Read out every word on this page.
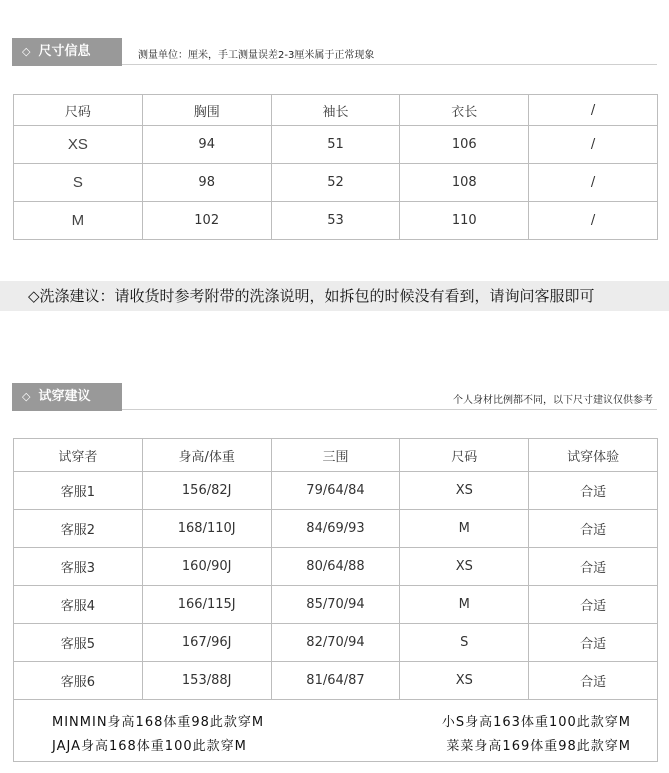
◇ 尺寸信息	测量单位：厘米，手工测量误差2-3厘米属于正常现象
尺码	胸围	袖长	衣长	/
XS	94	51	106	/
S	98	52	108	/
M	102	53	110	/
◇洗涤建议：请收货时参考附带的洗涤说明，如拆包的时候没有看到，请询问客服即可
◇ 试穿建议	个人身材比例都不同，以下尺寸建议仅供参考
试穿者	身高/体重	三围	尺码	试穿体验
客服1	156/82J	79/64/84	XS	合适
客服2	168/110J	84/69/93	M	合适
客服3	160/90J	80/64/88	XS	合适
客服4	166/115J	85/70/94	M	合适
客服5	167/96J	82/70/94	S	合适
客服6	153/88J	81/64/87	XS	合适
MINMIN身高168体重98此款穿M	小S身高163体重100此款穿M
JAJA身高168体重100此款穿M	菜菜身高169体重98此款穿M
